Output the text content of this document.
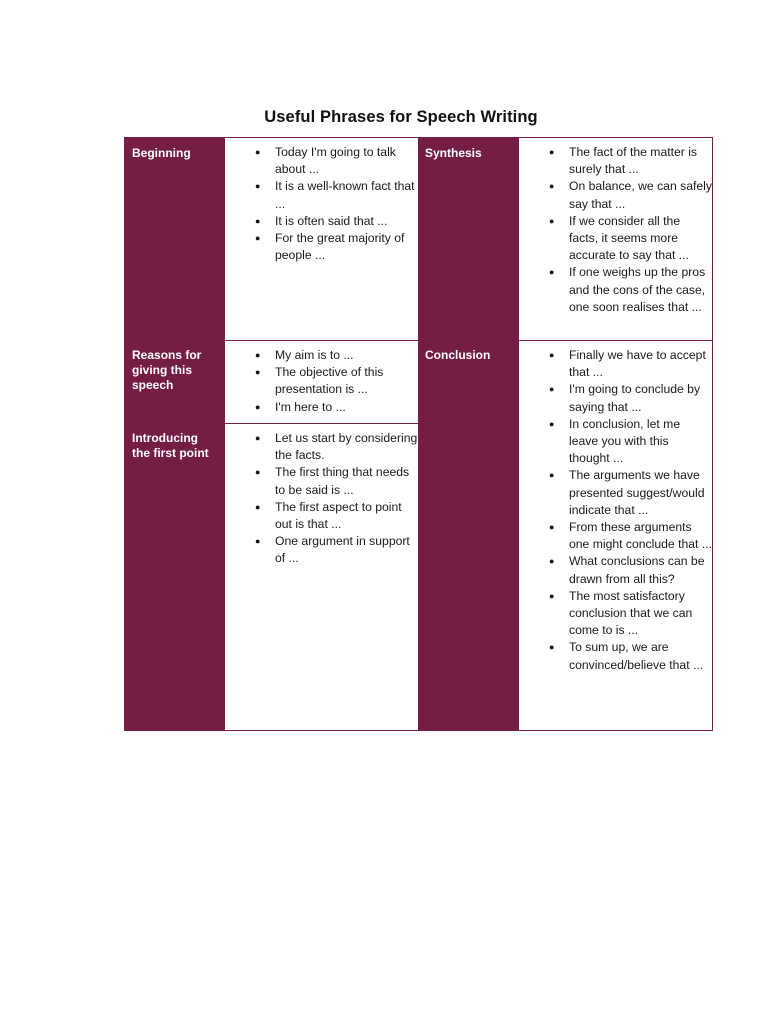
Useful Phrases for Speech Writing
Beginning	Synthesis
Reasons for giving this speech
Introducing the first point
Conclusion
● Today I'm going to talk about ...
● It is a well-known fact that ...
● It is often said that ...
● For the great majority of people ...
● The fact of the matter is surely that ...
● On balance, we can safely say that ...
● If we consider all the facts, it seems more accurate to say that ...
● If one weighs up the pros and the cons of the case, one soon realises that ...
● My aim is to ...
● The objective of this presentation is ...
● I'm here to ...
● Let us start by considering the facts.
● The first thing that needs to be said is ...
● The first aspect to point out is that ...
● One argument in support of ...
● Finally we have to accept that ...
● I'm going to conclude by saying that ...
● In conclusion, let me leave you with this thought ...
● The arguments we have presented suggest/would indicate that ...
● From these arguments one might conclude that ...
● What conclusions can be drawn from all this?
● The most satisfactory conclusion that we can come to is ...
● To sum up, we are convinced/believe that ...
